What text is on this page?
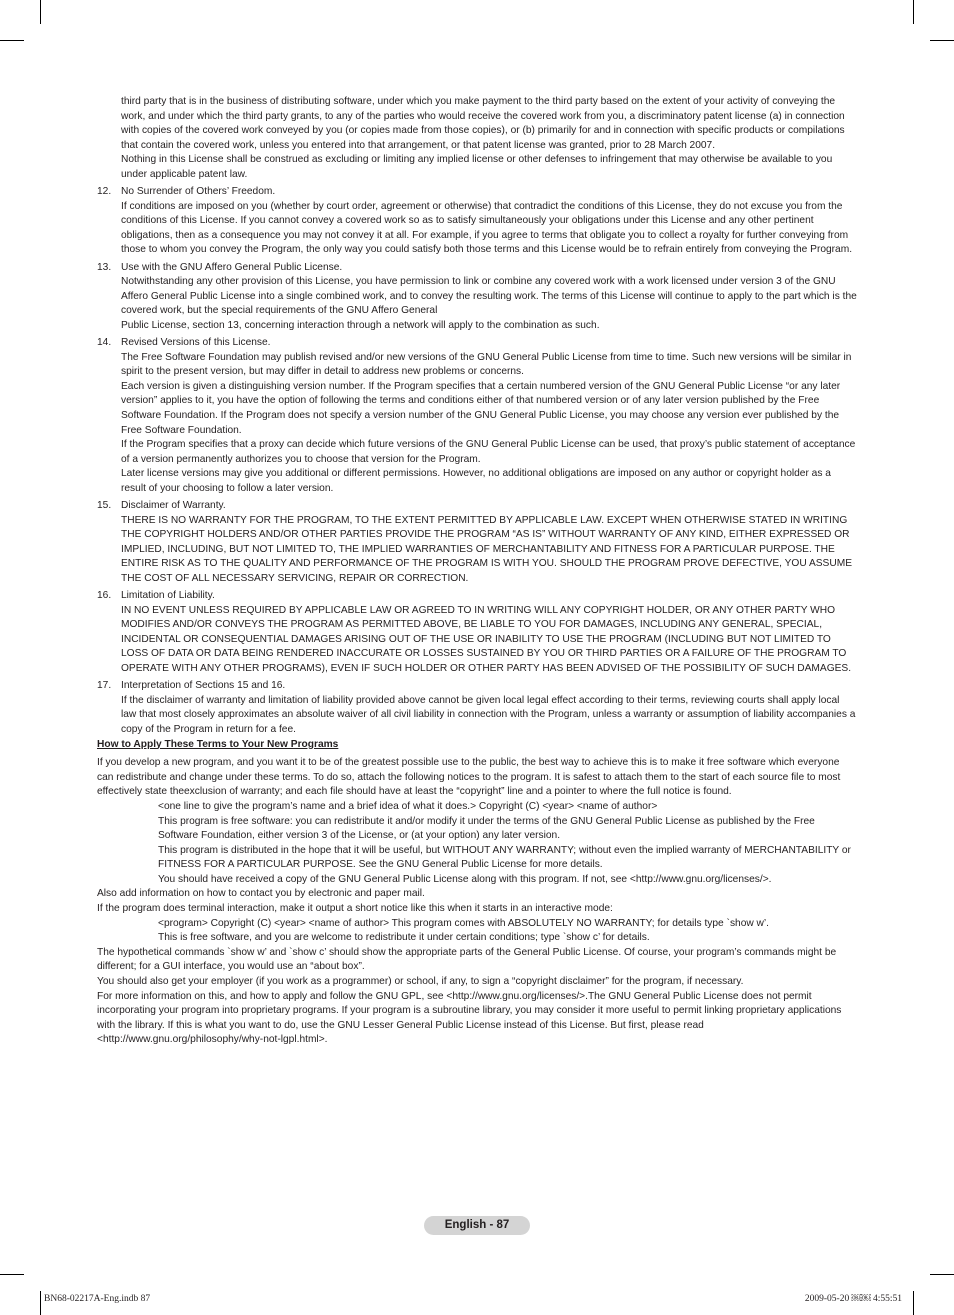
third party that is in the business of distributing software, under which you make payment to the third party based on the extent of your activity of conveying the work, and under which the third party grants, to any of the parties who would receive the covered work from you, a discriminatory patent license (a) in connection with copies of the covered work conveyed by you (or copies made from those copies), or (b) primarily for and in connection with specific products or compilations that contain the covered work, unless you entered into that arrangement, or that patent license was granted, prior to 28 March 2007.

Nothing in this License shall be construed as excluding or limiting any implied license or other defenses to infringement that may otherwise be available to you under applicable patent law.

12. No Surrender of Others’ Freedom.

If conditions are imposed on you (whether by court order, agreement or otherwise) that contradict the conditions of this License, they do not excuse you from the conditions of this License. If you cannot convey a covered work so as to satisfy simultaneously your obligations under this License and any other pertinent obligations, then as a consequence you may not convey it at all. For example, if you agree to terms that obligate you to collect a royalty for further conveying from those to whom you convey the Program, the only way you could satisfy both those terms and this License would be to refrain entirely from conveying the Program.

13. Use with the GNU Affero General Public License.

Notwithstanding any other provision of this License, you have permission to link or combine any covered work with a work licensed under version 3 of the GNU Affero General Public License into a single combined work, and to convey the resulting work. The terms of this License will continue to apply to the part which is the covered work, but the special requirements of the GNU Affero General

Public License, section 13, concerning interaction through a network will apply to the combination as such.

14. Revised Versions of this License.

The Free Software Foundation may publish revised and/or new versions of the GNU General Public License from time to time. Such new versions will be similar in spirit to the present version, but may differ in detail to address new problems or concerns.

Each version is given a distinguishing version number. If the Program specifies that a certain numbered version of the GNU General Public License “or any later version” applies to it, you have the option of following the terms and conditions either of that numbered version or of any later version published by the Free Software Foundation. If the Program does not specify a version number of the GNU General Public License, you may choose any version ever published by the Free Software Foundation.

If the Program specifies that a proxy can decide which future versions of the GNU General Public License can be used, that proxy’s public statement of acceptance of a version permanently authorizes you to choose that version for the Program.

Later license versions may give you additional or different permissions. However, no additional obligations are imposed on any author or copyright holder as a result of your choosing to follow a later version.

15. Disclaimer of Warranty.

THERE IS NO WARRANTY FOR THE PROGRAM, TO THE EXTENT PERMITTED BY APPLICABLE LAW. EXCEPT WHEN OTHERWISE STATED IN WRITING THE COPYRIGHT HOLDERS AND/OR OTHER PARTIES PROVIDE THE PROGRAM “AS IS” WITHOUT WARRANTY OF ANY KIND, EITHER EXPRESSED OR IMPLIED, INCLUDING, BUT NOT LIMITED TO, THE IMPLIED WARRANTIES OF MERCHANTABILITY AND FITNESS FOR A PARTICULAR PURPOSE. THE ENTIRE RISK AS TO THE QUALITY AND PERFORMANCE OF THE PROGRAM IS WITH YOU. SHOULD THE PROGRAM PROVE DEFECTIVE, YOU ASSUME THE COST OF ALL NECESSARY SERVICING, REPAIR OR CORRECTION.

16. Limitation of Liability.

IN NO EVENT UNLESS REQUIRED BY APPLICABLE LAW OR AGREED TO IN WRITING WILL ANY COPYRIGHT HOLDER, OR ANY OTHER PARTY WHO MODIFIES AND/OR CONVEYS THE PROGRAM AS PERMITTED ABOVE, BE LIABLE TO YOU FOR DAMAGES, INCLUDING ANY GENERAL, SPECIAL, INCIDENTAL OR CONSEQUENTIAL DAMAGES ARISING OUT OF THE USE OR INABILITY TO USE THE PROGRAM (INCLUDING BUT NOT LIMITED TO LOSS OF DATA OR DATA BEING RENDERED INACCURATE OR LOSSES SUSTAINED BY YOU OR THIRD PARTIES OR A FAILURE OF THE PROGRAM TO OPERATE WITH ANY OTHER PROGRAMS), EVEN IF SUCH HOLDER OR OTHER PARTY HAS BEEN ADVISED OF THE POSSIBILITY OF SUCH DAMAGES.

17. Interpretation of Sections 15 and 16.

If the disclaimer of warranty and limitation of liability provided above cannot be given local legal effect according to their terms, reviewing courts shall apply local law that most closely approximates an absolute waiver of all civil liability in connection with the Program, unless a warranty or assumption of liability accompanies a copy of the Program in return for a fee.

How to Apply These Terms to Your New Programs

If you develop a new program, and you want it to be of the greatest possible use to the public, the best way to achieve this is to make it free software which everyone can redistribute and change under these terms. To do so, attach the following notices to the program. It is safest to attach them to the start of each source file to most effectively state theexclusion of warranty; and each file should have at least the “copyright” line and a pointer to where the full notice is found.

<one line to give the program’s name and a brief idea of what it does.> Copyright (C) <year> <name of author>

This program is free software: you can redistribute it and/or modify it under the terms of the GNU General Public License as published by the Free Software Foundation, either version 3 of the License, or (at your option) any later version.

This program is distributed in the hope that it will be useful, but WITHOUT ANY WARRANTY; without even the implied warranty of MERCHANTABILITY or FITNESS FOR A PARTICULAR PURPOSE. See the GNU General Public License for more details.

You should have received a copy of the GNU General Public License along with this program. If not, see <http://www.gnu.org/licenses/>.

Also add information on how to contact you by electronic and paper mail.

If the program does terminal interaction, make it output a short notice like this when it starts in an interactive mode:

<program> Copyright (C) <year> <name of author> This program comes with ABSOLUTELY NO WARRANTY; for details type `show w’.

This is free software, and you are welcome to redistribute it under certain conditions; type `show c’ for details.

The hypothetical commands `show w’ and `show c’ should show the appropriate parts of the General Public License. Of course, your program’s commands might be different; for a GUI interface, you would use an “about box”.

You should also get your employer (if you work as a programmer) or school, if any, to sign a “copyright disclaimer” for the program, if necessary.

For more information on this, and how to apply and follow the GNU GPL, see <http://www.gnu.org/licenses/>.The GNU General Public License does not permit incorporating your program into proprietary programs. If your program is a subroutine library, you may consider it more useful to permit linking proprietary applications with the library. If this is what you want to do, use the GNU Lesser General Public License instead of this License. But first, please read <http://www.gnu.org/philosophy/why-not-lgpl.html>.

English - 87
BN68-02217A-Eng.indb 87	2009-05-20 ￼￼ 4:55:51
